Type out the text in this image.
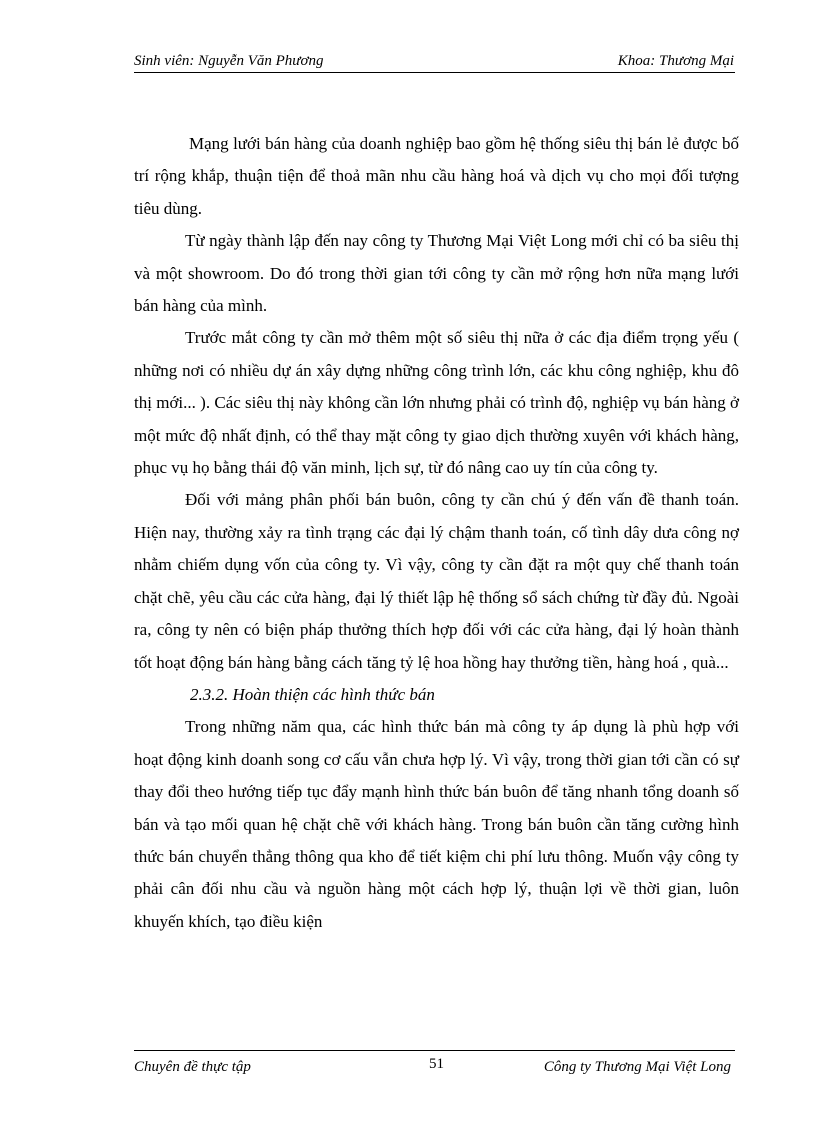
Sinh viên: Nguyễn Văn Phương	Khoa: Thương Mại

Mạng lưới bán hàng của doanh nghiệp bao gồm hệ thống siêu thị bán lẻ được bố trí rộng khắp, thuận tiện để thoả mãn nhu cầu hàng hoá và dịch vụ cho mọi đối tượng tiêu dùng.

Từ ngày thành lập đến nay công ty Thương Mại Việt Long mới chỉ có ba siêu thị và một showroom. Do đó trong thời gian tới công ty cần mở rộng hơn nữa mạng lưới bán hàng của mình.

Trước mắt công ty cần mở thêm một số siêu thị nữa ở các địa điểm trọng yếu ( những nơi có nhiều dự án xây dựng những công trình lớn, các khu công nghiệp, khu đô thị mới... ). Các siêu thị này không cần lớn nhưng phải có trình độ, nghiệp vụ bán hàng ở một mức độ nhất định, có thể thay mặt công ty giao dịch thường xuyên với khách hàng, phục vụ họ bằng thái độ văn minh, lịch sự, từ đó nâng cao uy tín của công ty.

Đối với mảng phân phối bán buôn, công ty cần chú ý đến vấn đề thanh toán. Hiện nay, thường xảy ra tình trạng các đại lý chậm thanh toán, cố tình dây dưa công nợ nhằm chiếm dụng vốn của công ty. Vì vậy, công ty cần đặt ra một quy chế thanh toán chặt chẽ, yêu cầu các cửa hàng, đại lý thiết lập hệ thống sổ sách chứng từ đầy đủ. Ngoài ra, công ty nên có biện pháp thưởng thích hợp đối với các cửa hàng, đại lý hoàn thành tốt hoạt động bán hàng bằng cách tăng tỷ lệ hoa hồng hay thưởng tiền, hàng hoá , quà...

2.3.2. Hoàn thiện các hình thức bán

Trong những năm qua, các hình thức bán mà công ty áp dụng là phù hợp với hoạt động kinh doanh song cơ cấu vẫn chưa hợp lý. Vì vậy, trong thời gian tới cần có sự thay đổi theo hướng tiếp tục đẩy mạnh hình thức bán buôn để tăng nhanh tổng doanh số bán và tạo mối quan hệ chặt chẽ với khách hàng. Trong bán buôn cần tăng cường hình thức bán chuyển thẳng thông qua kho để tiết kiệm chi phí lưu thông. Muốn vậy công ty phải cân đối nhu cầu và nguồn hàng một cách hợp lý, thuận lợi về thời gian, luôn khuyến khích, tạo điều kiện

Chuyên đề thực tập	51	Công ty Thương Mại Việt Long
